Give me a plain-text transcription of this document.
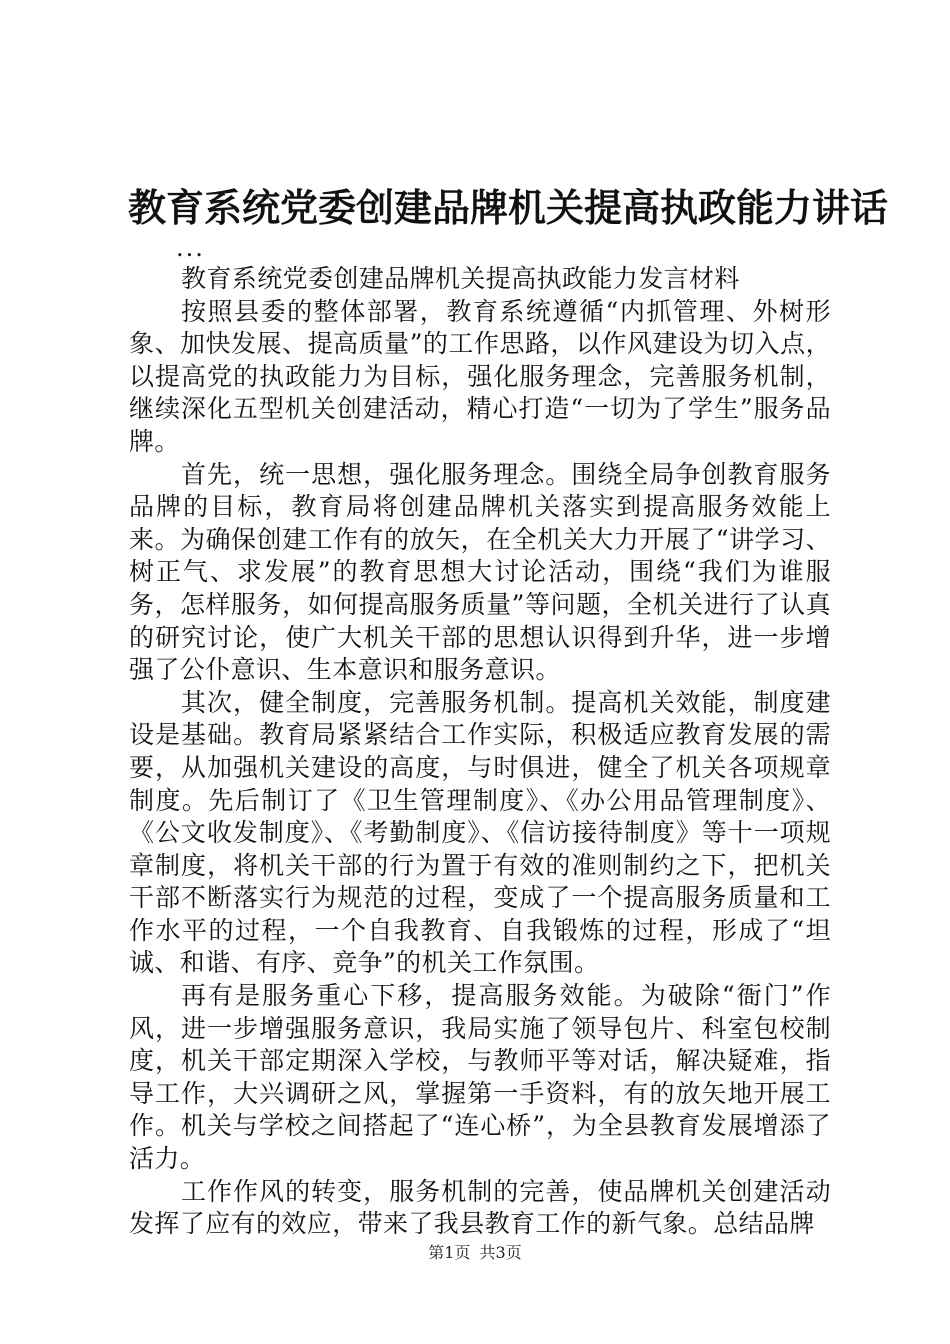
教育系统党委创建品牌机关提高执政能力讲话
...

教育系统党委创建品牌机关提高执政能力发言材料

按照县委的整体部署，教育系统遵循“内抓管理、外树形象、加快发展、提高质量”的工作思路，以作风建设为切入点，以提高党的执政能力为目标，强化服务理念，完善服务机制，继续深化五型机关创建活动，精心打造“一切为了学生”服务品牌。

首先，统一思想，强化服务理念。围绕全局争创教育服务品牌的目标，教育局将创建品牌机关落实到提高服务效能上来。为确保创建工作有的放矢，在全机关大力开展了“讲学习、树正气、求发展”的教育思想大讨论活动，围绕“我们为谁服务，怎样服务，如何提高服务质量”等问题，全机关进行了认真的研究讨论，使广大机关干部的思想认识得到升华，进一步增强了公仆意识、生本意识和服务意识。

其次，健全制度，完善服务机制。提高机关效能，制度建设是基础。教育局紧紧结合工作实际，积极适应教育发展的需要，从加强机关建设的高度，与时俱进，健全了机关各项规章制度。先后制订了《卫生管理制度》、《办公用品管理制度》、《公文收发制度》、《考勤制度》、《信访接待制度》等十一项规章制度，将机关干部的行为置于有效的准则制约之下，把机关干部不断落实行为规范的过程，变成了一个提高服务质量和工作水平的过程，一个自我教育、自我锻炼的过程，形成了“坦诚、和谐、有序、竞争”的机关工作氛围。

再有是服务重心下移，提高服务效能。为破除“衙门”作风，进一步增强服务意识，我局实施了领导包片、科室包校制度，机关干部定期深入学校，与教师平等对话，解决疑难，指导工作，大兴调研之风，掌握第一手资料，有的放矢地开展工作。机关与学校之间搭起了“连心桥”，为全县教育发展增添了活力。

工作作风的转变，服务机制的完善，使品牌机关创建活动发挥了应有的效应，带来了我县教育工作的新气象。总结品牌

第1页 共3页
